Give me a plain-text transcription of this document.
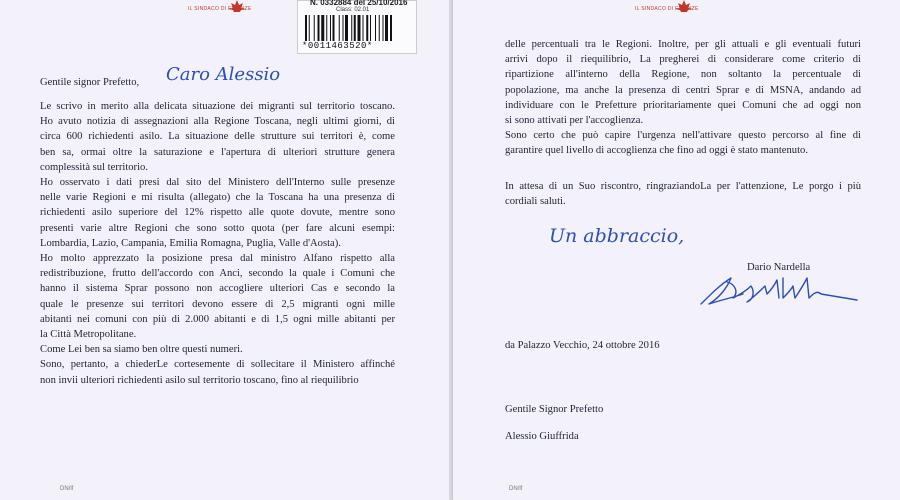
IL SINDACO DI FIRENZE
N. 0332884 del 25/10/2016
Class: 02.01
*0011463520*
Gentile signor Prefetto, Caro Alessio
Le scrivo in merito alla delicata situazione dei migranti sul territorio toscano.
Ho avuto notizia di assegnazioni alla Regione Toscana, negli ultimi giorni, di
circa 600 richiedenti asilo. La situazione delle strutture sui territori è, come
ben sa, ormai oltre la saturazione e l'apertura di ulteriori strutture genera
complessità sul territorio.
Ho osservato i dati presi dal sito del Ministero dell'Interno sulle presenze
nelle varie Regioni e mi risulta (allegato) che la Toscana ha una presenza di
richiedenti asilo superiore del 12% rispetto alle quote dovute, mentre sono
presenti varie altre Regioni che sono sotto quota (per fare alcuni esempi:
Lombardia, Lazio, Campania, Emilia Romagna, Puglia, Valle d'Aosta).
Ho molto apprezzato la posizione presa dal ministro Alfano rispetto alla
redistribuzione, frutto dell'accordo con Anci, secondo la quale i Comuni che
hanno il sistema Sprar possono non accogliere ulteriori Cas e secondo la
quale le presenze sui territori devono essere di 2,5 migranti ogni mille
abitanti nei comuni con più di 2.000 abitanti e di 1,5 ogni mille abitanti per
la Città Metropolitane.
Come Lei ben sa siamo ben oltre questi numeri.
Sono, pertanto, a chiederLe cortesemente di sollecitare il Ministero affinché
non invii ulteriori richiedenti asilo sul territorio toscano, fino al riequilibrio
DN/lf
IL SINDACO DI FIRENZE
delle percentuali tra le Regioni. Inoltre, per gli attuali e gli eventuali futuri
arrivi dopo il riequilibrio, La pregherei di considerare come criterio di
ripartizione all'interno della Regione, non soltanto la percentuale di
popolazione, ma anche la presenza di centri Sprar e di MSNA, andando ad
individuare con le Prefetture prioritariamente quei Comuni che ad oggi non
si sono attivati per l'accoglienza.
Sono certo che può capire l'urgenza nell'attivare questo percorso al fine di
garantire quel livello di accoglienza che fino ad oggi è stato mantenuto.
In attesa di un Suo riscontro, ringraziandoLa per l'attenzione, Le porgo i più
cordiali saluti.
Un abbraccio,
Dario Nardella
da Palazzo Vecchio, 24 ottobre 2016
Gentile Signor Prefetto
Alessio Giuffrida
DN/lf
